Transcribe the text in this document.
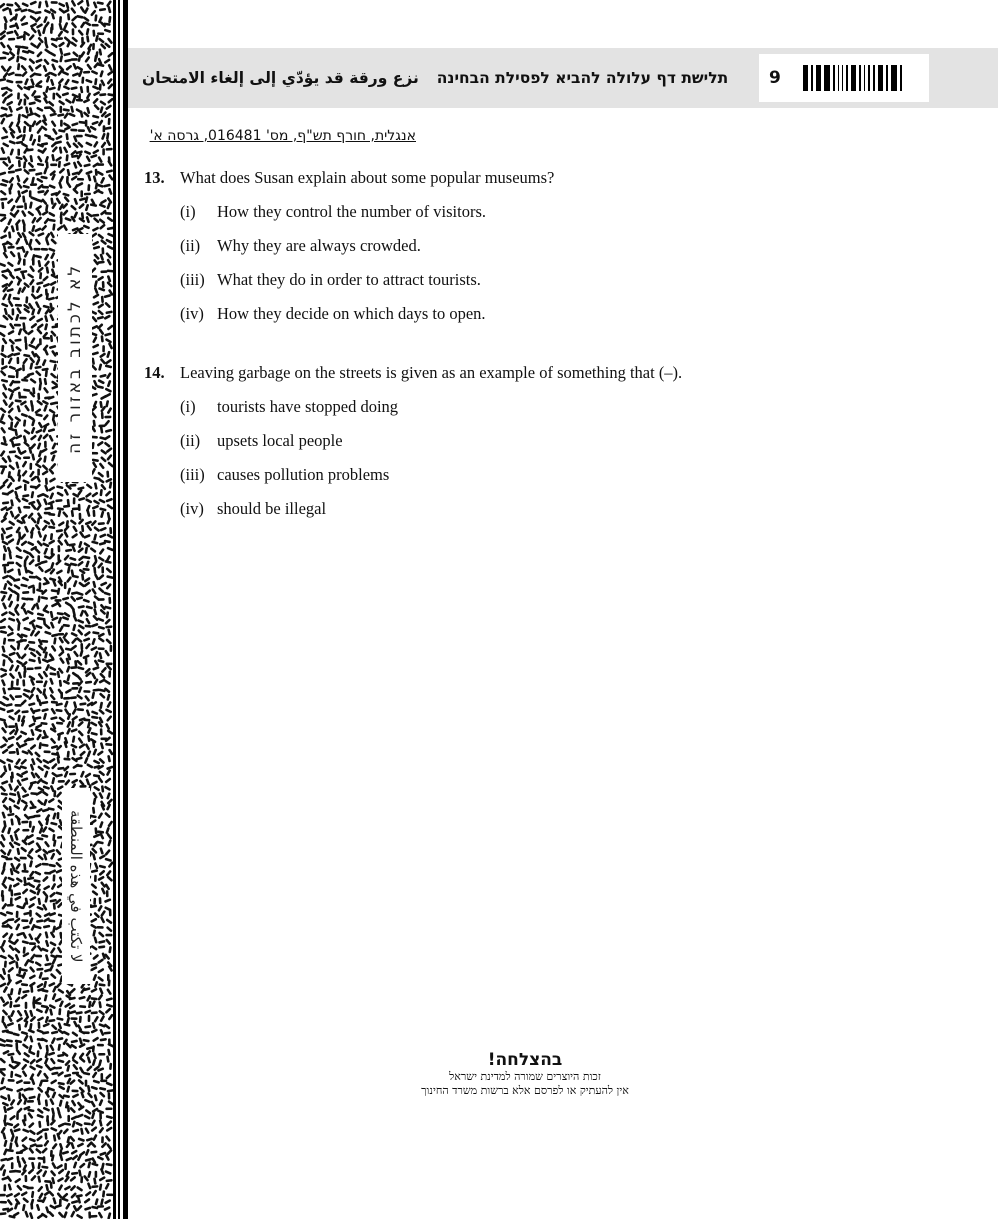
לא לכתוב באזור זה
لا تكتب في هذه المنطقة
תלישת דף עלולה להביא לפסילת הבחינהنزع ورقة قد يؤدّي إلى إلغاء الامتحان	9
אנגלית, חורף תש"ף, מס' 016481, גרסה א'
13. What does Susan explain about some popular museums?
(i)	How they control the number of visitors.
(ii)	Why they are always crowded.
(iii) What they do in order to attract tourists.
(iv) How they decide on which days to open.
14. Leaving garbage on the streets is given as an example of something that (–).
(i)	tourists have stopped doing
(ii)	upsets local people
(iii) causes pollution problems
(iv) should be illegal
בהצלחה!
זכות היוצרים שמורה למדינת ישראל
אין להעתיק או לפרסם אלא ברשות משרד החינוך
